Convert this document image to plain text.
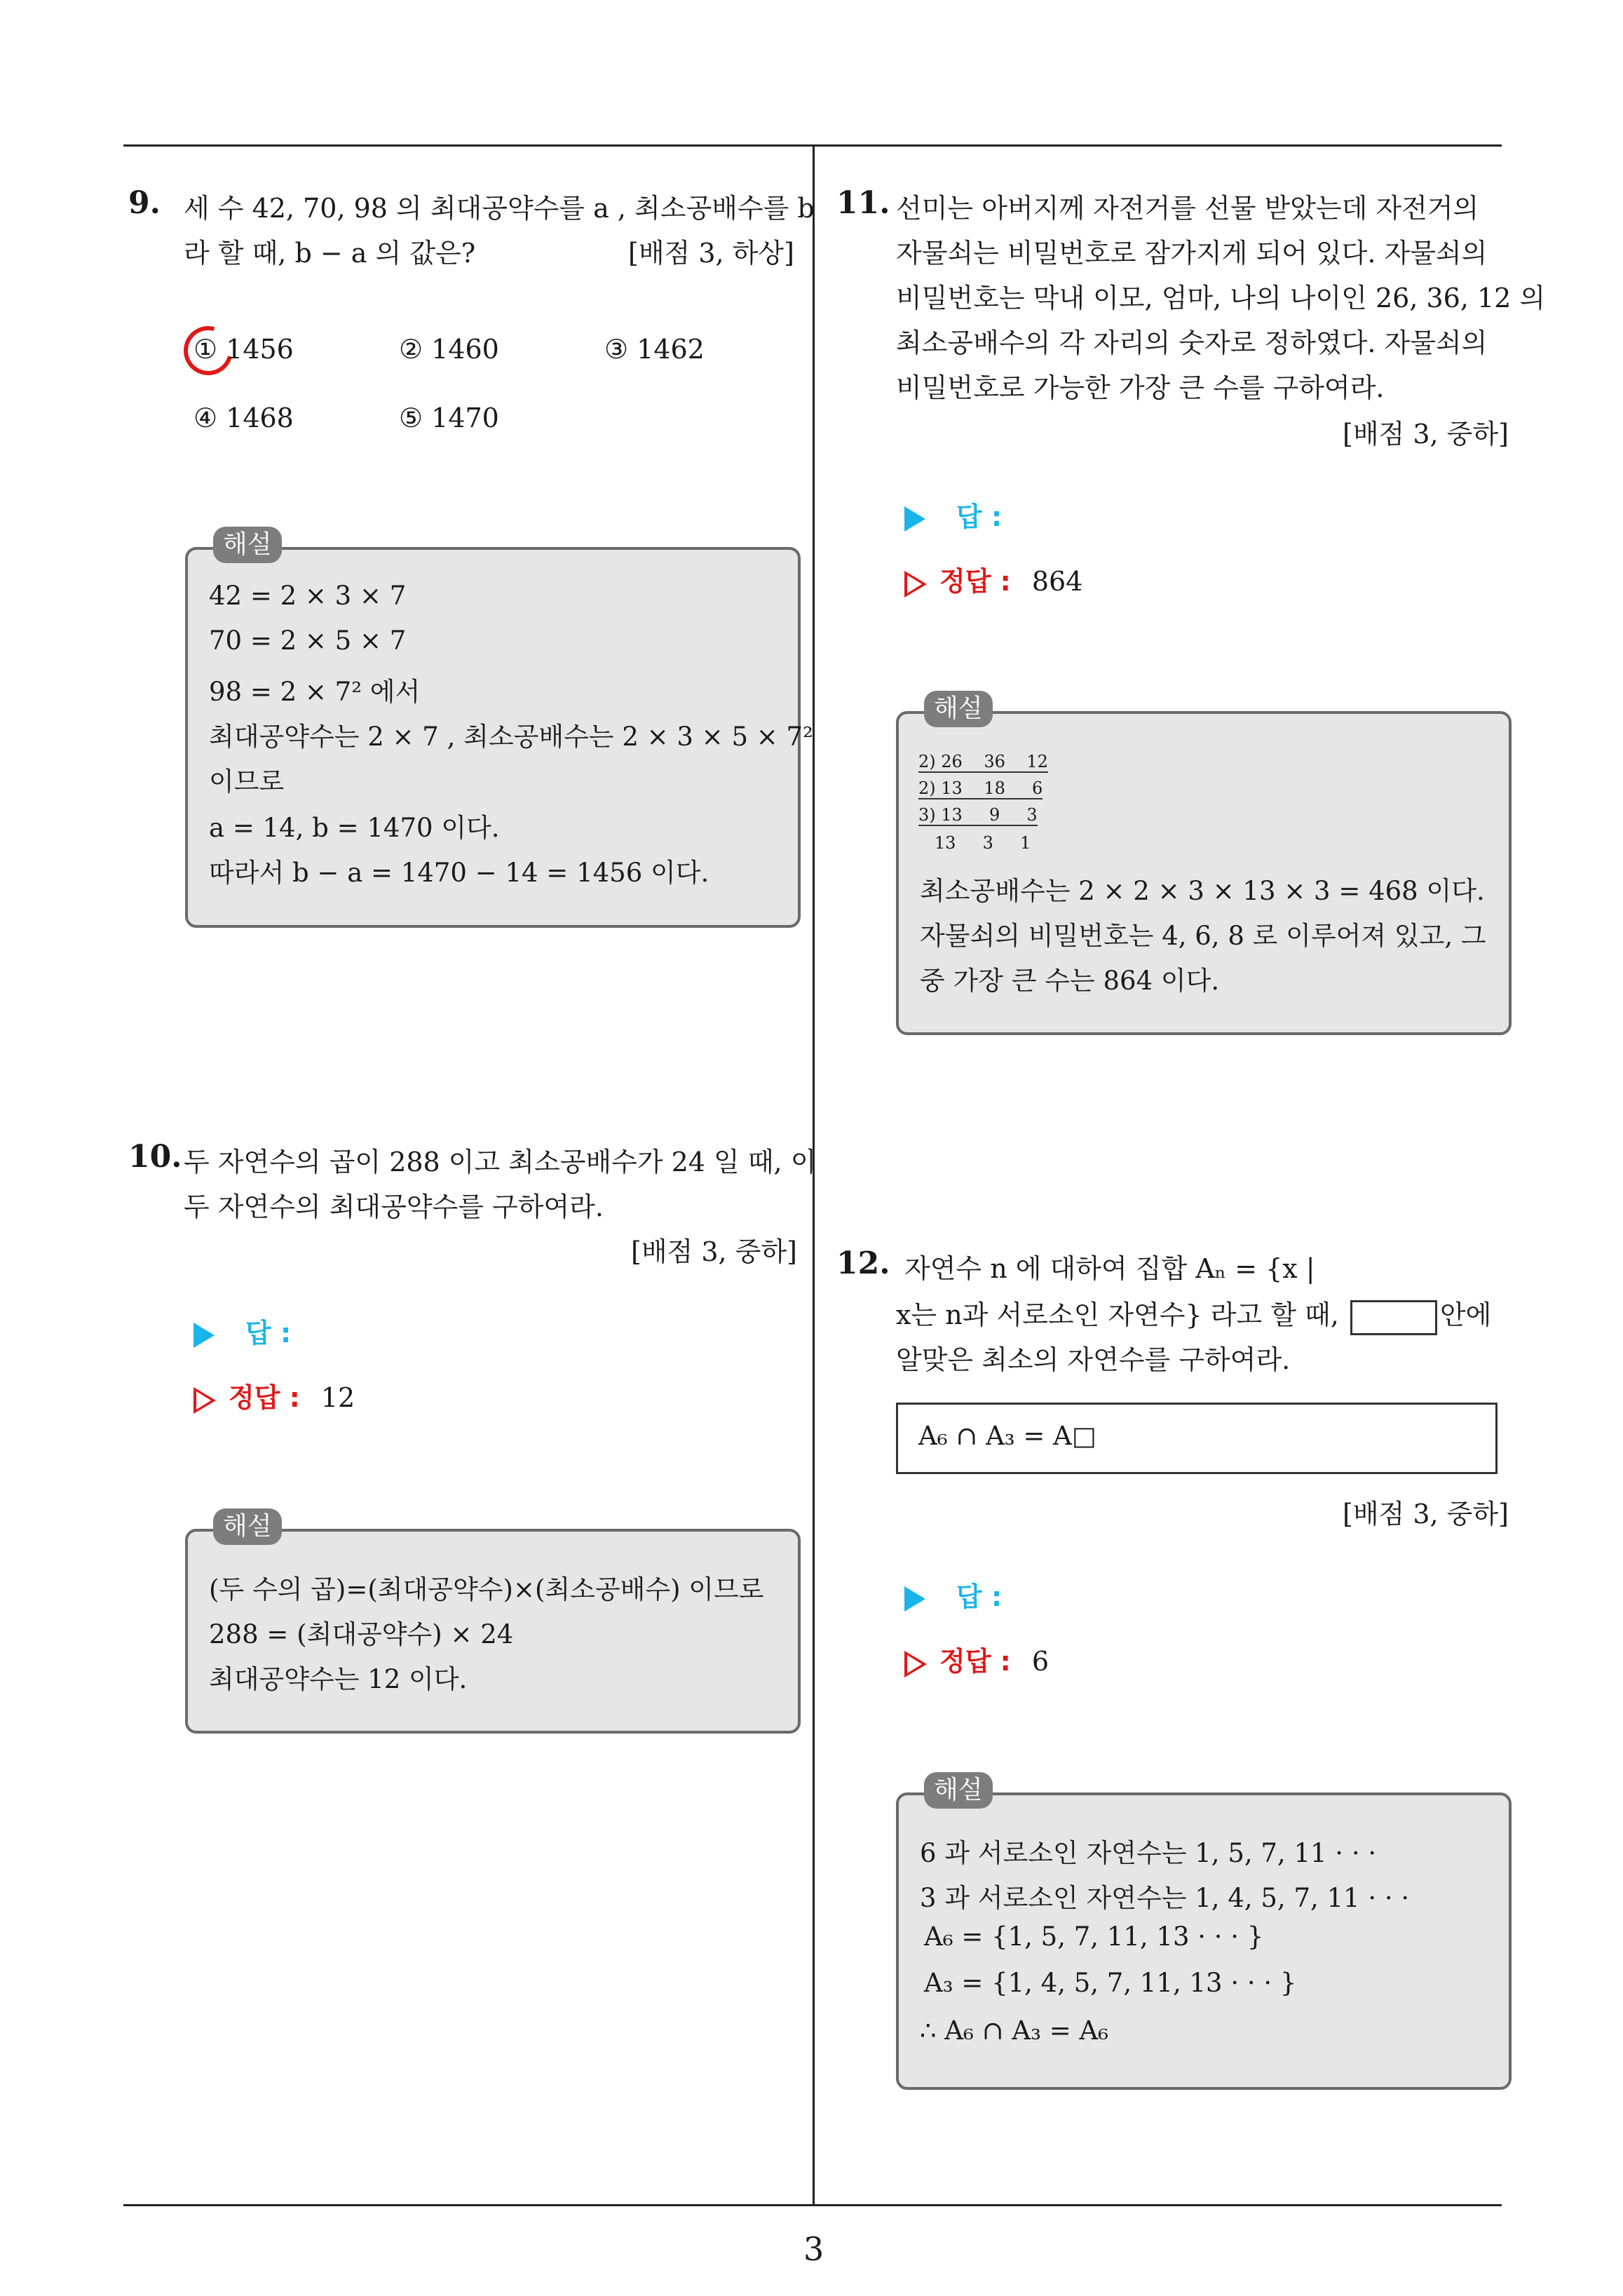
9. 세 수 42, 70, 98 의 최대공약수를 a , 최소공배수를 b
라 할 때, b − a 의 값은?	[배점 3, 하상]
① 1456	② 1460	③ 1462
④ 1468	⑤ 1470
해설
42 = 2 × 3 × 7
70 = 2 × 5 × 7
98 = 2 × 7² 에서
최대공약수는 2 × 7 , 최소공배수는 2 × 3 × 5 × 7²
이므로
a = 14, b = 1470 이다.
따라서 b − a = 1470 − 14 = 1456 이다.
10. 두 자연수의 곱이 288 이고 최소공배수가 24 일 때, 이
두 자연수의 최대공약수를 구하여라.
[배점 3, 중하]
답 :
정답 : 12
해설
(두 수의 곱)=(최대공약수)×(최소공배수) 이므로
288 = (최대공약수) × 24
최대공약수는 12 이다.
11. 선미는 아버지께 자전거를 선물 받았는데 자전거의
자물쇠는 비밀번호로 잠가지게 되어 있다. 자물쇠의
비밀번호는 막내 이모, 엄마, 나의 나이인 26, 36, 12 의
최소공배수의 각 자리의 숫자로 정하였다. 자물쇠의
비밀번호로 가능한 가장 큰 수를 구하여라.
[배점 3, 중하]
답 :
정답 : 864
해설
2) 26    36    12
2) 13    18     6
3) 13     9     3
13     3     1
최소공배수는 2 × 2 × 3 × 13 × 3 = 468 이다.
자물쇠의 비밀번호는 4, 6, 8 로 이루어져 있고, 그
중 가장 큰 수는 864 이다.
12. 자연수 n 에 대하여 집합 Aₙ = {x |
x는 n과 서로소인 자연수} 라고 할 때,	안에
알맞은 최소의 자연수를 구하여라.
A₆ ∩ A₃ = A□
[배점 3, 중하]
답 :
정답 : 6
해설
6 과 서로소인 자연수는 1, 5, 7, 11 · · ·
3 과 서로소인 자연수는 1, 4, 5, 7, 11 · · ·
A₆ = {1, 5, 7, 11, 13 · · · }
A₃ = {1, 4, 5, 7, 11, 13 · · · }
∴ A₆ ∩ A₃ = A₆
3
